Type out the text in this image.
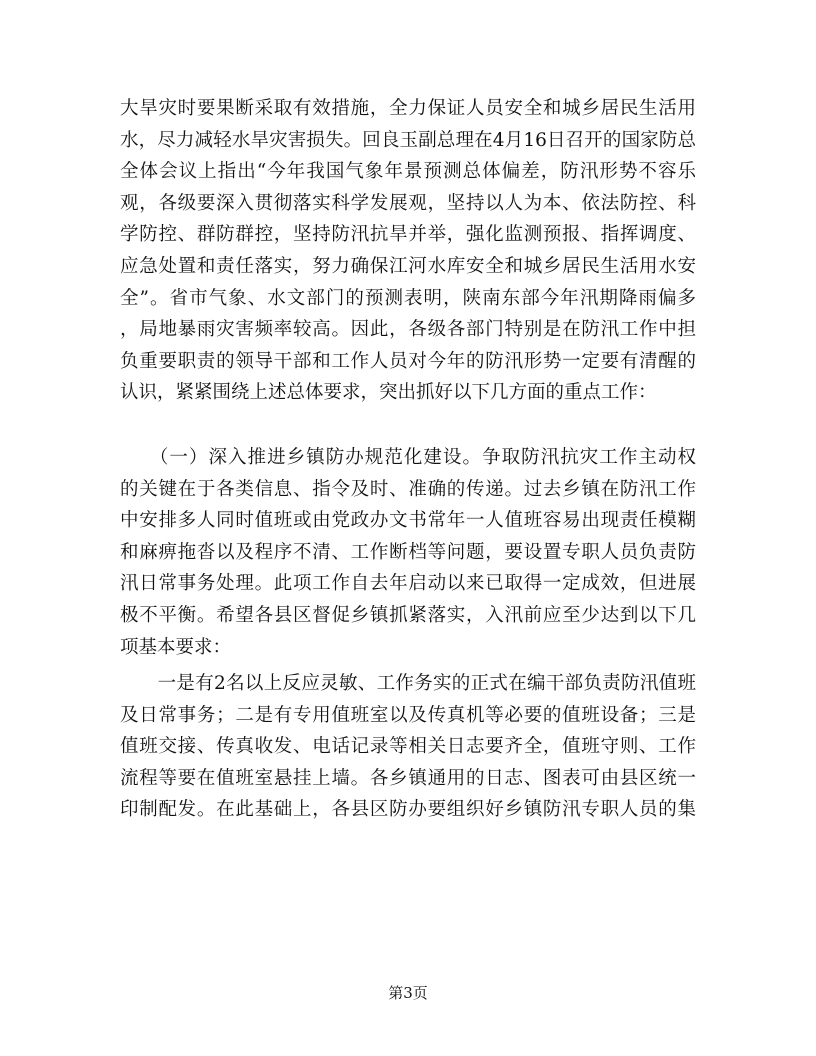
大旱灾时要果断采取有效措施，全力保证人员安全和城乡居民生活用
水，尽力减轻水旱灾害损失。回良玉副总理在4月16日召开的国家防总
全体会议上指出“今年我国气象年景预测总体偏差，防汛形势不容乐
观，各级要深入贯彻落实科学发展观，坚持以人为本、依法防控、科
学防控、群防群控，坚持防汛抗旱并举，强化监测预报、指挥调度、
应急处置和责任落实，努力确保江河水库安全和城乡居民生活用水安
全”。省市气象、水文部门的预测表明，陕南东部今年汛期降雨偏多
，局地暴雨灾害频率较高。因此，各级各部门特别是在防汛工作中担
负重要职责的领导干部和工作人员对今年的防汛形势一定要有清醒的
认识，紧紧围绕上述总体要求，突出抓好以下几方面的重点工作：
　　（一）深入推进乡镇防办规范化建设。争取防汛抗灾工作主动权
的关键在于各类信息、指令及时、准确的传递。过去乡镇在防汛工作
中安排多人同时值班或由党政办文书常年一人值班容易出现责任模糊
和麻痹拖沓以及程序不清、工作断档等问题，要设置专职人员负责防
汛日常事务处理。此项工作自去年启动以来已取得一定成效，但进展
极不平衡。希望各县区督促乡镇抓紧落实，入汛前应至少达到以下几
项基本要求：
　　一是有2名以上反应灵敏、工作务实的正式在编干部负责防汛值班
及日常事务；二是有专用值班室以及传真机等必要的值班设备；三是
值班交接、传真收发、电话记录等相关日志要齐全，值班守则、工作
流程等要在值班室悬挂上墙。各乡镇通用的日志、图表可由县区统一
印制配发。在此基础上，各县区防办要组织好乡镇防汛专职人员的集
第3页
